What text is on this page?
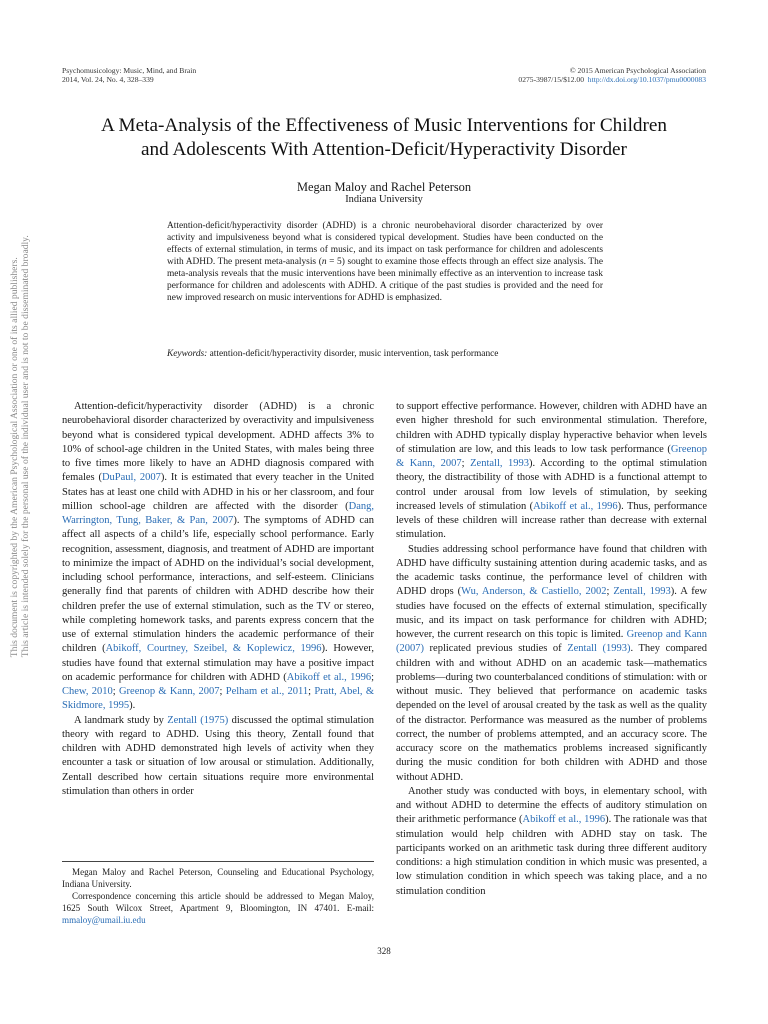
Psychomusicology: Music, Mind, and Brain
2014, Vol. 24, No. 4, 328–339
© 2015 American Psychological Association
0275-3987/15/$12.00 http://dx.doi.org/10.1037/pmu0000083
This document is copyrighted by the American Psychological Association or one of its allied publishers. This article is intended solely for the personal use of the individual user and is not to be disseminated broadly.
A Meta-Analysis of the Effectiveness of Music Interventions for Children
and Adolescents With Attention-Deficit/Hyperactivity Disorder
Megan Maloy and Rachel Peterson
Indiana University
Attention-deficit/hyperactivity disorder (ADHD) is a chronic neurobehavioral disorder characterized by over activity and impulsiveness beyond what is considered typical development. Studies have been conducted on the effects of external stimulation, in terms of music, and its impact on task performance for children and adolescents with ADHD. The present meta-analysis (n = 5) sought to examine those effects through an effect size analysis. The meta-analysis reveals that the music interventions have been minimally effective as an intervention to increase task performance for children and adolescents with ADHD. A critique of the past studies is provided and the need for new improved research on music interventions for ADHD is emphasized.
Keywords: attention-deficit/hyperactivity disorder, music intervention, task performance

Attention-deficit/hyperactivity disorder (ADHD) is a chronic neurobehavioral disorder characterized by overactivity and impulsiveness beyond what is considered typical development. ADHD affects 3% to 10% of school-age children in the United States, with males being three to five times more likely to have an ADHD diagnosis compared with females (DuPaul, 2007). It is estimated that every teacher in the United States has at least one child with ADHD in his or her classroom, and four million school-age children are affected with the disorder (Dang, Warrington, Tung, Baker, & Pan, 2007). The symptoms of ADHD can affect all aspects of a child’s life, especially school performance. Early recognition, assessment, diagnosis, and treatment of ADHD are important to minimize the impact of ADHD on the individual’s social development, including school performance, interactions, and self-esteem. Clinicians generally find that parents of children with ADHD describe how their children prefer the use of external stimulation, such as the TV or stereo, while completing homework tasks, and parents express concern that the use of external stimulation hinders the academic performance of their children (Abikoff, Courtney, Szeibel, & Koplewicz, 1996). However, studies have found that external stimulation may have a positive impact on academic performance for children with ADHD (Abikoff et al., 1996; Chew, 2010; Greenop & Kann, 2007; Pelham et al., 2011; Pratt, Abel, & Skidmore, 1995).

A landmark study by Zentall (1975) discussed the optimal stimulation theory with regard to ADHD. Using this theory, Zentall found that children with ADHD demonstrated high levels of activity when they encounter a task or situation of low arousal or stimulation. Additionally, Zentall described how certain situations require more environmental stimulation than others in order

to support effective performance. However, children with ADHD have an even higher threshold for such environmental stimulation. Therefore, children with ADHD typically display hyperactive behavior when levels of stimulation are low, and this leads to low task performance (Greenop & Kann, 2007; Zentall, 1993). According to the optimal stimulation theory, the distractibility of those with ADHD is a functional attempt to control under arousal from low levels of stimulation, by seeking increased levels of stimulation (Abikoff et al., 1996). Thus, performance levels of these children will increase rather than decrease with external stimulation.

Studies addressing school performance have found that children with ADHD have difficulty sustaining attention during academic tasks, and as the academic tasks continue, the performance level of children with ADHD drops (Wu, Anderson, & Castiello, 2002; Zentall, 1993). A few studies have focused on the effects of external stimulation, specifically music, and its impact on task performance for children with ADHD; however, the current research on this topic is limited. Greenop and Kann (2007) replicated previous studies of Zentall (1993). They compared children with and without ADHD on an academic task—mathematics problems—during two counterbalanced conditions of stimulation: with or without music. They believed that performance on academic tasks depended on the level of arousal created by the task as well as the quality of the distractor. Performance was measured as the number of problems correct, the number of problems attempted, and an accuracy score. The accuracy score on the mathematics problems increased significantly during the music condition for both children with ADHD and those without ADHD.

Another study was conducted with boys, in elementary school, with and without ADHD to determine the effects of auditory stimulation on their arithmetic performance (Abikoff et al., 1996). The rationale was that stimulation would help children with ADHD stay on task. The participants worked on an arithmetic task during three different auditory conditions: a high stimulation condition in which music was presented, a low stimulation condition in which speech was taking place, and a no stimulation condition

Megan Maloy and Rachel Peterson, Counseling and Educational Psychology, Indiana University.

Correspondence concerning this article should be addressed to Megan Maloy, 1625 South Wilcox Street, Apartment 9, Bloomington, IN 47401. E-mail: mmaloy@umail.iu.edu

328
